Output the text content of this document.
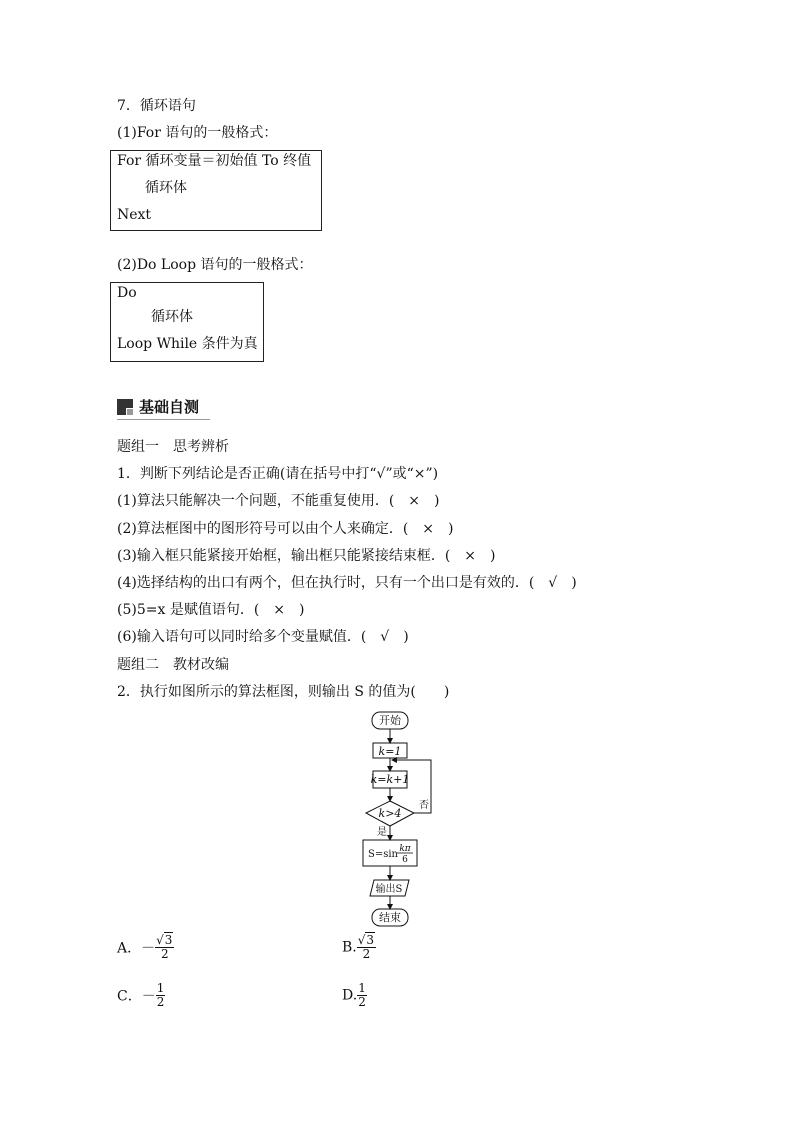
7．循环语句
(1)For 语句的一般格式：
For 循环变量＝初始值 To 终值
循环体
Next
(2)Do Loop 语句的一般格式：
Do
循环体
Loop While 条件为真
基础自测
题组一　思考辨析
1．判断下列结论是否正确(请在括号中打“√”或“×”)
(1)算法只能解决一个问题，不能重复使用．(　×　)
(2)算法框图中的图形符号可以由个人来确定．(　×　)
(3)输入框只能紧接开始框，输出框只能紧接结束框．(　×　)
(4)选择结构的出口有两个，但在执行时，只有一个出口是有效的．(　√　)
(5)5=x 是赋值语句．(　×　)
(6)输入语句可以同时给多个变量赋值．(　√　)
题组二　教材改编
2．执行如图所示的算法框图，则输出 S 的值为(　　)
开始
k=1
k=k+1
k>4
否
是
S=sin kπ
6
输出S
结束
A．－ $\frac{√3}{2}$	B. $\frac{√3}{2}$
C．－ $\frac{1}{2}$	D. $\frac{1}{2}$
